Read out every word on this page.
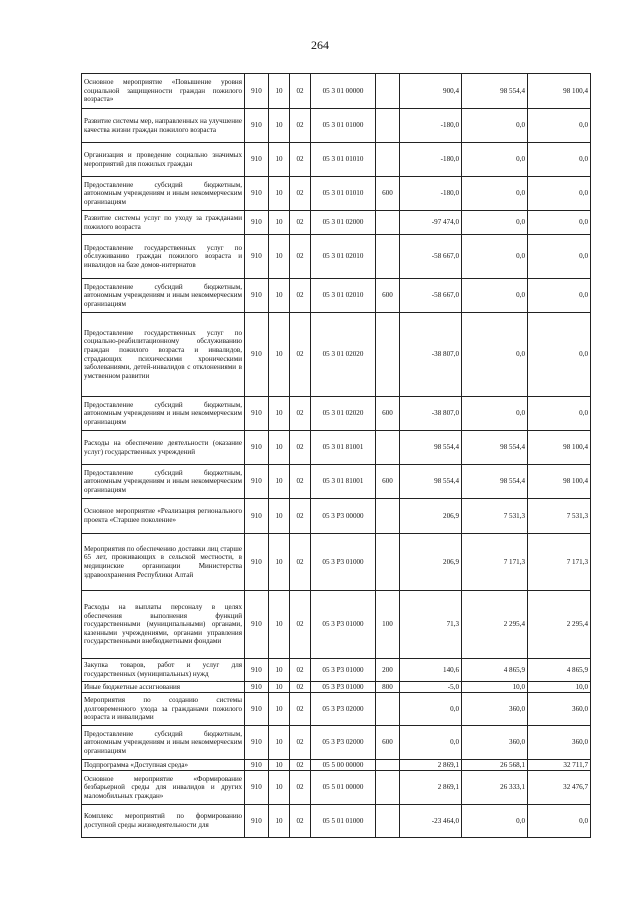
264
Основное мероприятие «Повышение уровня социальной защищенности граждан пожилого возраста»	910	10	02	05 3 01 00000		900,4	98 554,4	98 100,4
Развитие системы мер, направленных на улучшение качества жизни граждан пожилого возраста	910	10	02	05 3 01 01000		-180,0	0,0	0,0
Организация и проведение социально значимых мероприятий для пожилых граждан	910	10	02	05 3 01 01010		-180,0	0,0	0,0
Предоставление субсидий бюджетным, автономным учреждениям и иным некоммерческим организациям	910	10	02	05 3 01 01010	600	-180,0	0,0	0,0
Развитие системы услуг по уходу за гражданами пожилого возраста	910	10	02	05 3 01 02000		-97 474,0	0,0	0,0
Предоставление государственных услуг по обслуживанию граждан пожилого возраста и инвалидов на базе домов-интернатов	910	10	02	05 3 01 02010		-58 667,0	0,0	0,0
Предоставление субсидий бюджетным, автономным учреждениям и иным некоммерческим организациям	910	10	02	05 3 01 02010	600	-58 667,0	0,0	0,0
Предоставление государственных услуг по социально-реабилитационному обслуживанию граждан пожилого возраста и инвалидов, страдающих психическими хроническими заболеваниями, детей-инвалидов с отклонениями в умственном развитии	910	10	02	05 3 01 02020		-38 807,0	0,0	0,0
Предоставление субсидий бюджетным, автономным учреждениям и иным некоммерческим организациям	910	10	02	05 3 01 02020	600	-38 807,0	0,0	0,0
Расходы на обеспечение деятельности (оказание услуг) государственных учреждений	910	10	02	05 3 01 81001		98 554,4	98 554,4	98 100,4
Предоставление субсидий бюджетным, автономным учреждениям и иным некоммерческим организациям	910	10	02	05 3 01 81001	600	98 554,4	98 554,4	98 100,4
Основное мероприятие «Реализация регионального проекта «Старшее поколение»	910	10	02	05 3 P3 00000		206,9	7 531,3	7 531,3
Мероприятия по обеспечению доставки лиц старше 65 лет, проживающих в сельской местности, в медицинские организации Министерства здравоохранения Республики Алтай	910	10	02	05 3 P3 01000		206,9	7 171,3	7 171,3
Расходы на выплаты персоналу в целях обеспечения выполнения функций государственными (муниципальными) органами, казенными учреждениями, органами управления государственными внебюджетными фондами	910	10	02	05 3 P3 01000	100	71,3	2 295,4	2 295,4
Закупка товаров, работ и услуг для государственных (муниципальных) нужд	910	10	02	05 3 P3 01000	200	140,6	4 865,9	4 865,9
Иные бюджетные ассигнования	910	10	02	05 3 P3 01000	800	-5,0	10,0	10,0
Мероприятия по созданию системы долговременного ухода за гражданами пожилого возраста и инвалидами	910	10	02	05 3 P3 02000		0,0	360,0	360,0
Предоставление субсидий бюджетным, автономным учреждениям и иным некоммерческим организациям	910	10	02	05 3 P3 02000	600	0,0	360,0	360,0
Подпрограмма «Доступная среда»	910	10	02	05 5 00 00000		2 869,1	26 568,1	32 711,7
Основное мероприятие «Формирование безбарьерной среды для инвалидов и других маломобильных граждан»	910	10	02	05 5 01 00000		2 869,1	26 333,1	32 476,7
Комплекс мероприятий по формированию доступной среды жизнедеятельности для	910	10	02	05 5 01 01000		-23 464,0	0,0	0,0
